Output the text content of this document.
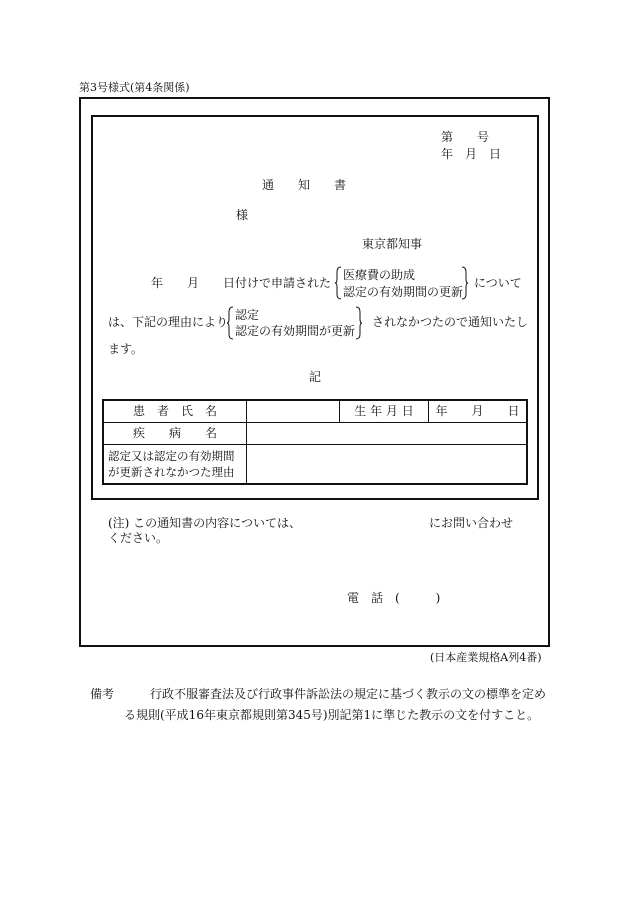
第3号様式(第4条関係)
第　　号
年　月　日
通　　知　　書
様
東京都知事
年　　月　　日付けで申請された
医療費の助成
認定の有効期間の更新
について
は、下記の理由により 認定
認定の有効期間が更新
されなかつたので通知いたし
ます。
記
患　者　氏　名		生 年 月 日	年　　月　　日
疾　　病　　名			
認定又は認定の有効期間
が更新されなかつた理由			
(注) この通知書の内容については、	にお問い合わせ
ください。
電　話 (　　　)
(日本産業規格A列4番)
備考	行政不服審査法及び行政事件訴訟法の規定に基づく教示の文の標準を定め
る規則(平成16年東京都規則第345号)別記第1に準じた教示の文を付すこと。
